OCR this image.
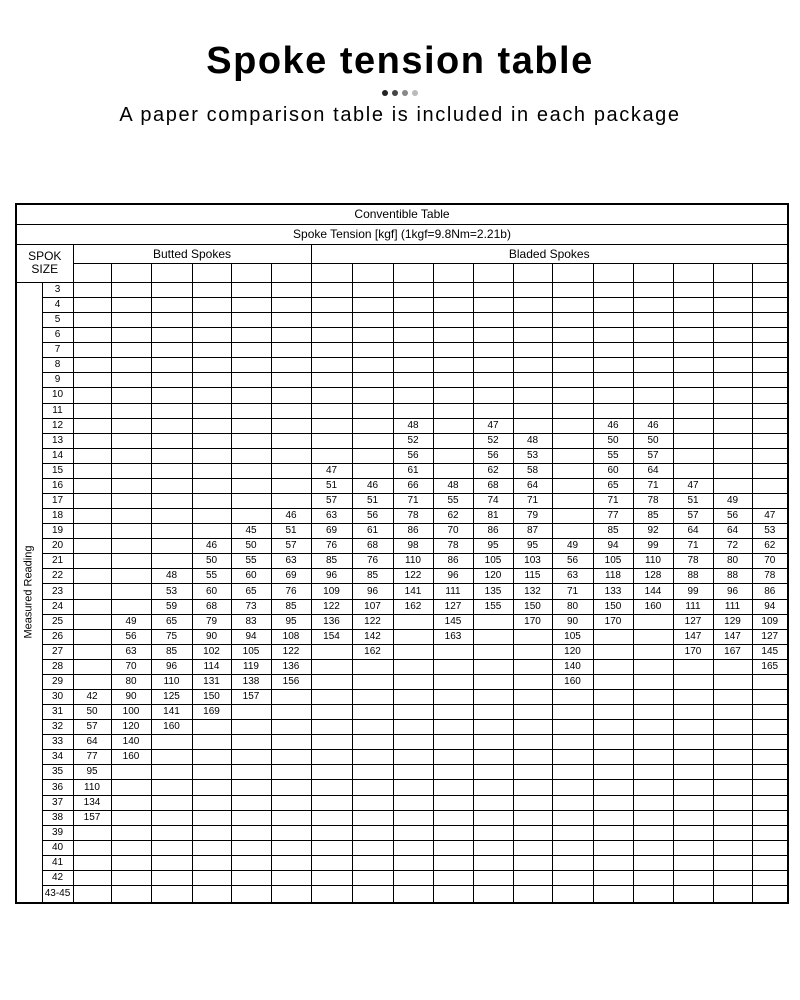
Spoke tension table
A paper comparison table is included in each package
Conventible Table																			
Spoke Tension [kgf] (1kgf=9.8Nm=2.21b)																			
SPOK SIZE		Butted Spokes						Bladed Spokes											

Measured Reading	3																		
	4																		
	5																		
	6																		
	7																		
	8																		
	9																		
	10																		
	11																		
	12									48		47			46	46			
	13									52		52	48		50	50			
	14									56		56	53		55	57			
	15							47		61		62	58		60	64			
	16							51	46	66	48	68	64		65	71	47		
	17							57	51	71	55	74	71		71	78	51	49	
	18						46	63	56	78	62	81	79		77	85	57	56	47
	19					45	51	69	61	86	70	86	87		85	92	64	64	53
	20				46	50	57	76	68	98	78	95	95	49	94	99	71	72	62
	21				50	55	63	85	76	110	86	105	103	56	105	110	78	80	70
	22			48	55	60	69	96	85	122	96	120	115	63	118	128	88	88	78
	23			53	60	65	76	109	96	141	111	135	132	71	133	144	99	96	86
	24			59	68	73	85	122	107	162	127	155	150	80	150	160	111	111	94
	25		49	65	79	83	95	136	122		145		170	90	170		127	129	109
	26		56	75	90	94	108	154	142		163			105			147	147	127
	27		63	85	102	105	122		162					120			170	167	145
	28		70	96	114	119	136							140					165
	29		80	110	131	138	156							160					
	30	42	90	125	150	157													
	31	50	100	141	169														
	32	57	120	160															
	33	64	140																
	34	77	160																
	35	95																	
	36	110																	
	37	134																	
	38	157																	
	39																		
	40																		
	41																		
	42																		
	43-45																		
